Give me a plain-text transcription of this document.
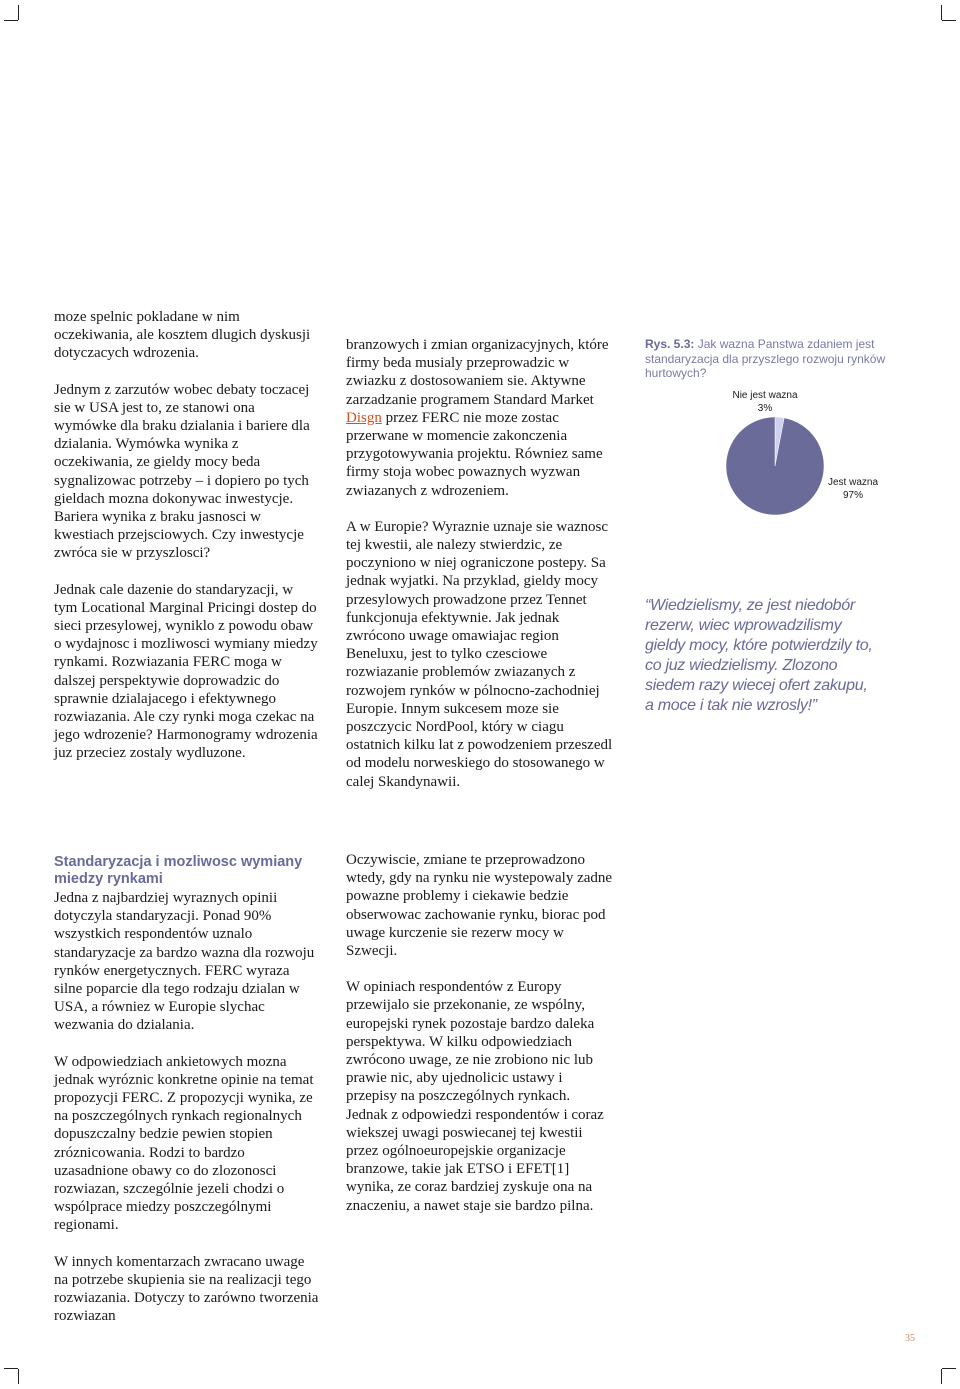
moze spelnic pokladane w nim oczekiwania, ale kosztem dlugich dyskusji dotyczacych wdrozenia.

Jednym z zarzutów wobec debaty toczacej sie w USA jest to, ze stanowi ona wymówke dla braku dzialania i bariere dla dzialania. Wymówka wynika z oczekiwania, ze gieldy mocy beda sygnalizowac potrzeby – i dopiero po tych gieldach mozna dokonywac inwestycje. Bariera wynika z braku jasnosci w kwestiach przejsciowych. Czy inwestycje zwróca sie w przyszlosci?

Jednak cale dazenie do standaryzacji, w tym Locational Marginal Pricingi dostep do sieci przesylowej, wyniklo z powodu obaw o wydajnosc i mozliwosci wymiany miedzy rynkami. Rozwiazania FERC moga w dalszej perspektywie doprowadzic do sprawnie dzialajacego i efektywnego rozwiazania. Ale czy rynki moga czekac na jego wdrozenie? Harmonogramy wdrozenia juz przeciez zostaly wydluzone.

Standaryzacja i mozliwosc wymiany miedzy rynkami

Jedna z najbardziej wyraznych opinii dotyczyla standaryzacji. Ponad 90% wszystkich respondentów uznalo standaryzacje za bardzo wazna dla rozwoju rynków energetycznych. FERC wyraza silne poparcie dla tego rodzaju dzialan w USA, a równiez w Europie slychac wezwania do dzialania.

W odpowiedziach ankietowych mozna jednak wyróznic konkretne opinie na temat propozycji FERC. Z propozycji wynika, ze na poszczególnych rynkach regionalnych dopuszczalny bedzie pewien stopien zróznicowania. Rodzi to bardzo uzasadnione obawy co do zlozonosci rozwiazan, szczególnie jezeli chodzi o wspólprace miedzy poszczególnymi regionami.

W innych komentarzach zwracano uwage na potrzebe skupienia sie na realizacji tego rozwiazania. Dotyczy to zarówno tworzenia rozwiazan

branzowych i zmian organizacyjnych, które firmy beda musialy przeprowadzic w zwiazku z dostosowaniem sie. Aktywne zarzadzanie programem Standard Market Disgn przez FERC nie moze zostac przerwane w momencie zakonczenia przygotowywania projektu. Równiez same firmy stoja wobec powaznych wyzwan zwiazanych z wdrozeniem.

A w Europie? Wyraznie uznaje sie waznosc tej kwestii, ale nalezy stwierdzic, ze poczyniono w niej ograniczone postepy. Sa jednak wyjatki. Na przyklad, gieldy mocy przesylowych prowadzone przez Tennet funkcjonuja efektywnie. Jak jednak zwrócono uwage omawiajac region Beneluxu, jest to tylko czesciowe rozwiazanie problemów zwiazanych z rozwojem rynków w pólnocno-zachodniej Europie. Innym sukcesem moze sie poszczycic NordPool, który w ciagu ostatnich kilku lat z powodzeniem przeszedl od modelu norweskiego do stosowanego w calej Skandynawii.

Oczywiscie, zmiane te przeprowadzono wtedy, gdy na rynku nie wystepowaly zadne powazne problemy i ciekawie bedzie obserwowac zachowanie rynku, biorac pod uwage kurczenie sie rezerw mocy w Szwecji.

W opiniach respondentów z Europy przewijalo sie przekonanie, ze wspólny, europejski rynek pozostaje bardzo daleka perspektywa. W kilku odpowiedziach zwrócono uwage, ze nie zrobiono nic lub prawie nic, aby ujednolicic ustawy i przepisy na poszczególnych rynkach. Jednak z odpowiedzi respondentów i coraz wiekszej uwagi poswiecanej tej kwestii przez ogólnoeuropejskie organizacje branzowe, takie jak ETSO i EFET[1] wynika, ze coraz bardziej zyskuje ona na znaczeniu, a nawet staje sie bardzo pilna.

Rys. 5.3: Jak wazna Panstwa zdaniem jest standaryzacja dla przyszlego rozwoju rynków hurtowych?
Nie jest wazna
3%
Jest wazna
97%
“Wiedzielismy, ze jest niedobór rezerw, wiec wprowadzilismy gieldy mocy, które potwierdzily to, co juz wiedzielismy. Zlozono siedem razy wiecej ofert zakupu, a moce i tak nie wzrosly!”
35
